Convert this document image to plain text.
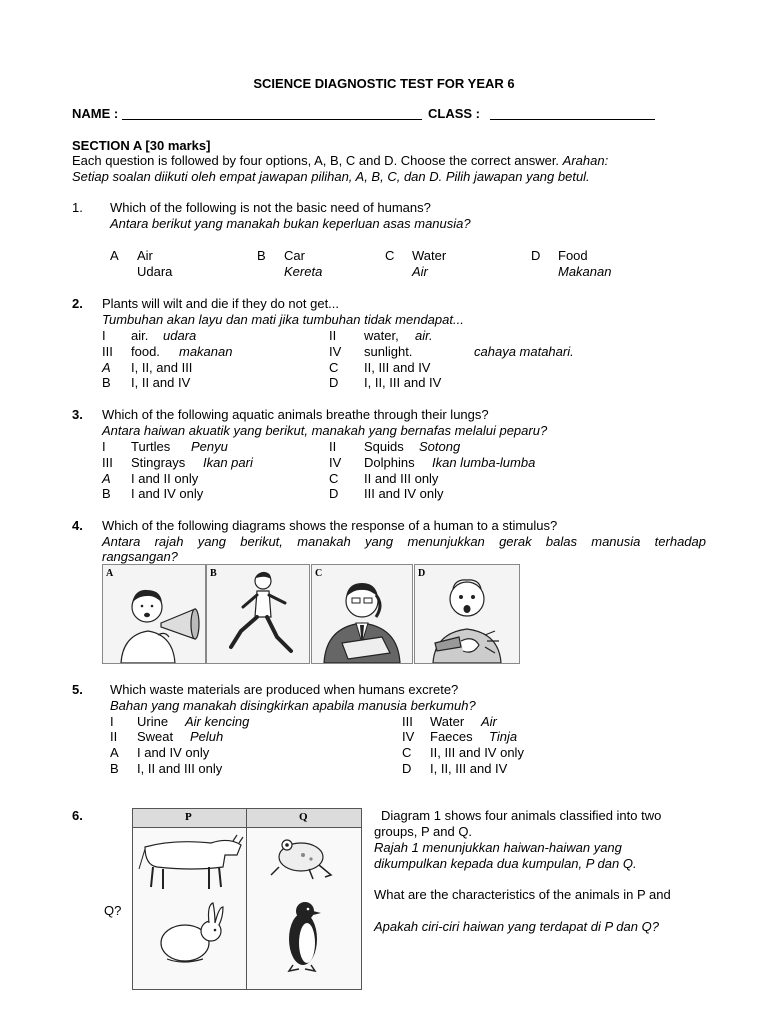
SCIENCE DIAGNOSTIC TEST FOR YEAR 6
NAME :	CLASS :
SECTION A [30 marks]
Each question is followed by four options, A, B, C and D. Choose the correct answer. Arahan:
Setiap soalan diikuti oleh empat jawapan pilihan, A, B, C, dan D. Pilih jawapan yang betul.
1. Which of the following is not the basic need of humans?
Antara berikut yang manakah bukan keperluan asas manusia?
A Air
Udara
B Car
Kereta
C Water
Air
D Food
Makanan
2. Plants will wilt and die if they do not get...
Tumbuhan akan layu dan mati jika tumbuhan tidak mendapat...
I air. udara	II water, air.
III food. makanan	IV sunlight.	cahaya matahari.
A I, II, and III	C II, III and IV
B I, II and IV	D I, II, III and IV
3. Which of the following aquatic animals breathe through their lungs?
Antara haiwan akuatik yang berikut, manakah yang bernafas melalui peparu?
I Turtles Penyu	II Squids Sotong
III Stingrays Ikan pari	IV Dolphins Ikan lumba-lumba
A I and II only	C II and III only
B I and IV only	D III and IV only
4. Which of the following diagrams shows the response of a human to a stimulus?
Antara rajah yang berikut, manakah yang menunjukkan gerak balas manusia terhadap
rangsangan?
A	B	C	D
5. Which waste materials are produced when humans excrete?
Bahan yang manakah disingkirkan apabila manusia berkumuh?
I Urine Air kencing	III Water Air
II Sweat Peluh	IV Faeces Tinja
A I and IV only	C II, III and IV only
B I, II and III only	D I, II, III and IV
6.	P	Q
Q?
Diagram 1 shows four animals classified into two
groups, P and Q.
Rajah 1 menunjukkan haiwan-haiwan yang
dikumpulkan kepada dua kumpulan, P dan Q.
What are the characteristics of the animals in P and
Apakah ciri-ciri haiwan yang terdapat di P dan Q?
